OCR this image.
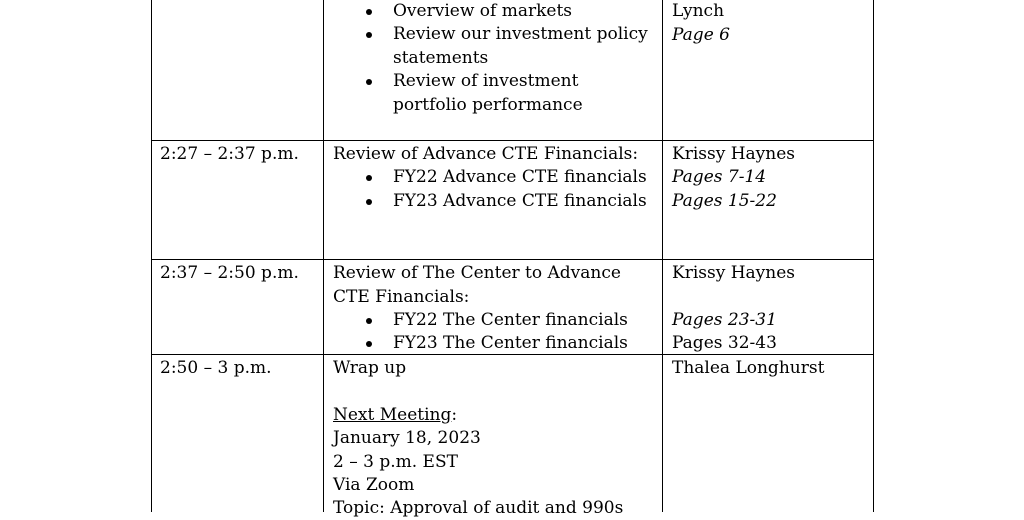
Overview of markets
Review our investment policy
statements
Review of investment
portfolio performance
Lynch
Page 6
2:27 – 2:37 p.m. Review of Advance CTE Financials:
FY22 Advance CTE financials
FY23 Advance CTE financials
Krissy Haynes
Pages 7-14
Pages 15-22
2:37 – 2:50 p.m. Review of The Center to Advance
CTE Financials:
FY22 The Center financials
FY23 The Center financials
Krissy Haynes
Pages 23-31
Pages 32-43
2:50 – 3 p.m.	Wrap up
Next Meeting:
January 18, 2023
2 – 3 p.m. EST
Via Zoom
Topic: Approval of audit and 990s
Thalea Longhurst
